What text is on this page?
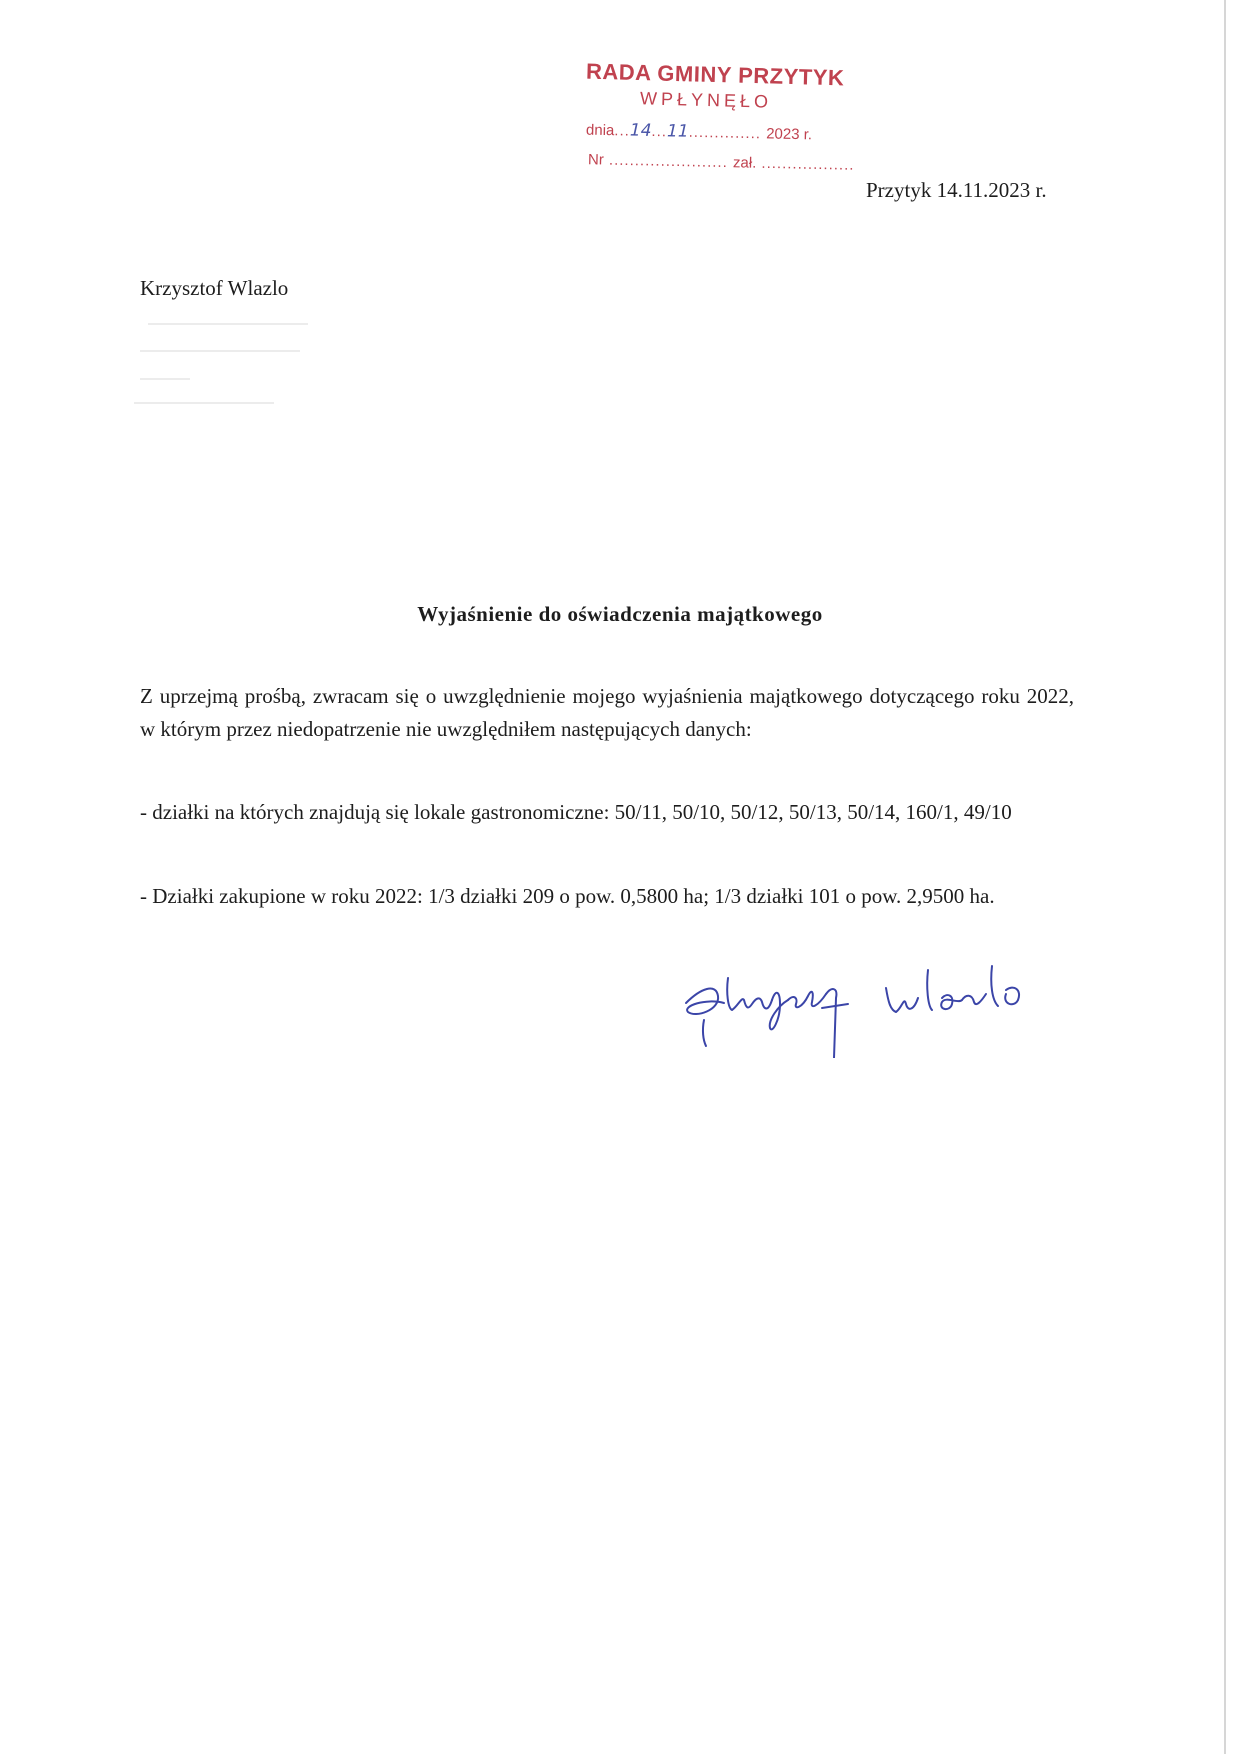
RADA GMINY PRZYTYK
WPŁYNĘŁO
dnia...14...11.............. 2023 r.
Nr ....................... zał. ..................
Przytyk 14.11.2023 r.
Krzysztof Wlazlo
Wyjaśnienie do oświadczenia majątkowego
Z uprzejmą prośbą, zwracam się o uwzględnienie mojego wyjaśnienia majątkowego dotyczącego roku 2022, w którym przez niedopatrzenie nie uwzględniłem następujących danych:
- działki na których znajdują się lokale gastronomiczne: 50/11, 50/10, 50/12, 50/13, 50/14, 160/1, 49/10
- Działki zakupione w roku 2022: 1/3 działki 209 o pow. 0,5800 ha; 1/3 działki 101 o pow. 2,9500 ha.
Krzysztof Wlazlo
